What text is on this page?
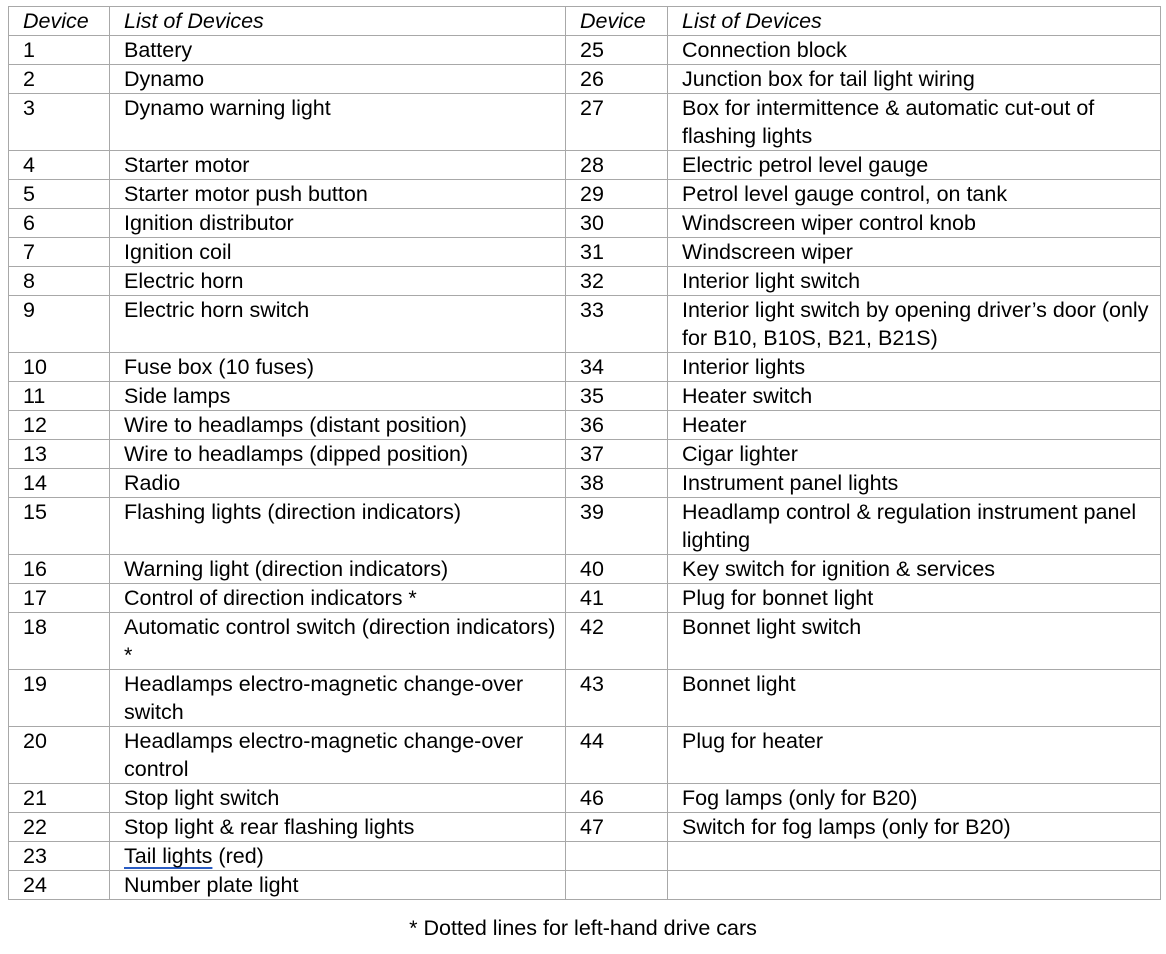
Device	List of Devices	Device	List of Devices
1	Battery	25	Connection block
2	Dynamo	26	Junction box for tail light wiring
3	Dynamo warning light	27	Box for intermittence & automatic cut-out of flashing lights
4	Starter motor	28	Electric petrol level gauge
5	Starter motor push button	29	Petrol level gauge control, on tank
6	Ignition distributor	30	Windscreen wiper control knob
7	Ignition coil	31	Windscreen wiper
8	Electric horn	32	Interior light switch
9	Electric horn switch	33	Interior light switch by opening driver’s door (only for B10, B10S, B21, B21S)
10	Fuse box (10 fuses)	34	Interior lights
11	Side lamps	35	Heater switch
12	Wire to headlamps (distant position)	36	Heater
13	Wire to headlamps (dipped position)	37	Cigar lighter
14	Radio	38	Instrument panel lights
15	Flashing lights (direction indicators)	39	Headlamp control & regulation instrument panel lighting
16	Warning light (direction indicators)	40	Key switch for ignition & services
17	Control of direction indicators *	41	Plug for bonnet light
18	Automatic control switch (direction indicators) *	42	Bonnet light switch
19	Headlamps electro-magnetic change-over switch	43	Bonnet light
20	Headlamps electro-magnetic change-over control	44	Plug for heater
21	Stop light switch	46	Fog lamps (only for B20)
22	Stop light & rear flashing lights	47	Switch for fog lamps (only for B20)
23	Tail lights (red)		
24	Number plate light		
* Dotted lines for left-hand drive cars
